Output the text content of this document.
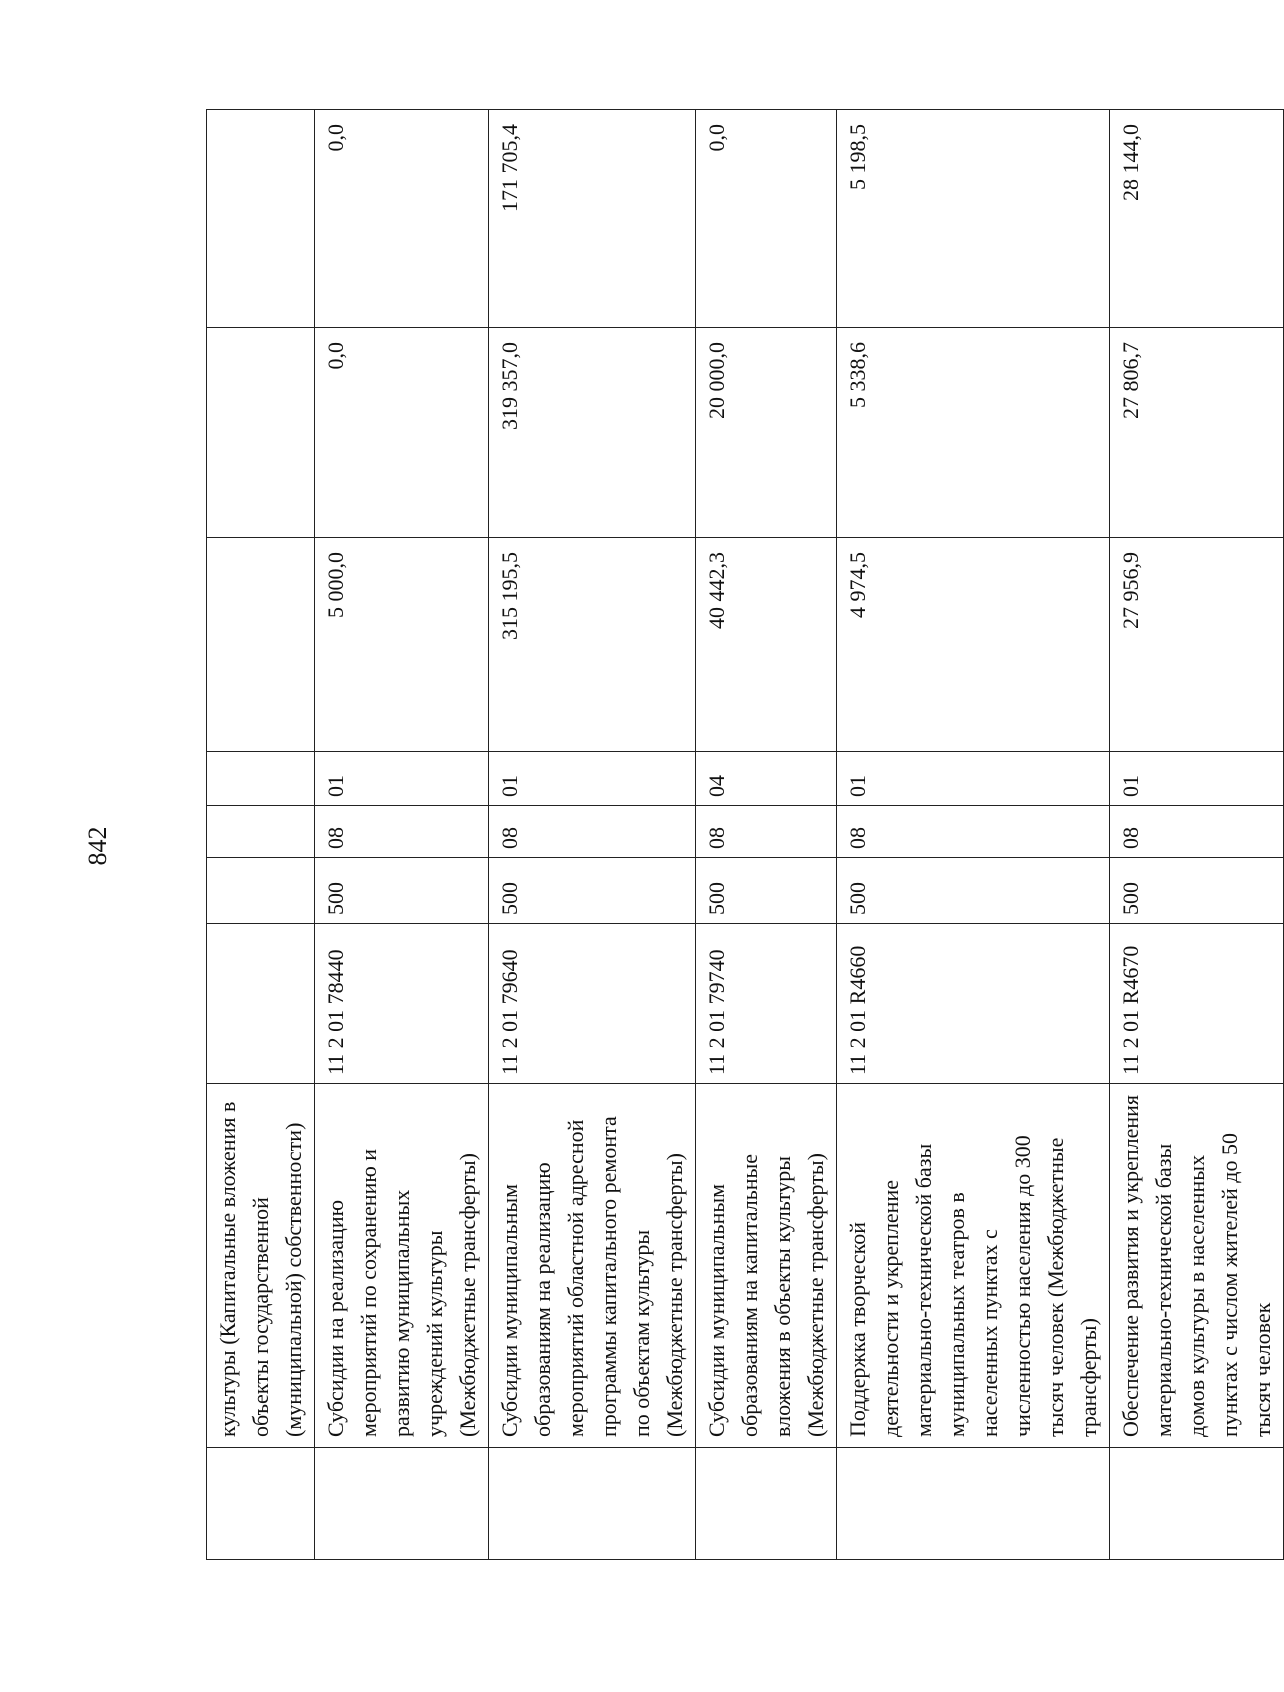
842
	культуры (Капитальные вложения в объекты государственной (муниципальной) собственности)							
	Субсидии на реализацию мероприятий по сохранению и развитию муниципальных учреждений культуры (Межбюджетные трансферты)	11 2 01 78440	500	08	01	5 000,0	0,0	0,0
	Субсидии муниципальным образованиям на реализацию мероприятий областной адресной программы капитального ремонта по объектам культуры (Межбюджетные трансферты)	11 2 01 79640	500	08	01	315 195,5	319 357,0	171 705,4
	Субсидии муниципальным образованиям на капитальные вложения в объекты культуры (Межбюджетные трансферты)	11 2 01 79740	500	08	04	40 442,3	20 000,0	0,0
	Поддержка творческой деятельности и укрепление материально-технической базы муниципальных театров в населенных пунктах с численностью населения до 300 тысяч человек (Межбюджетные трансферты)	11 2 01 R4660	500	08	01	4 974,5	5 338,6	5 198,5
	Обеспечение развития и укрепления материально-технической базы домов культуры в населенных пунктах с числом жителей до 50 тысяч человек	11 2 01 R4670	500	08	01	27 956,9	27 806,7	28 144,0
